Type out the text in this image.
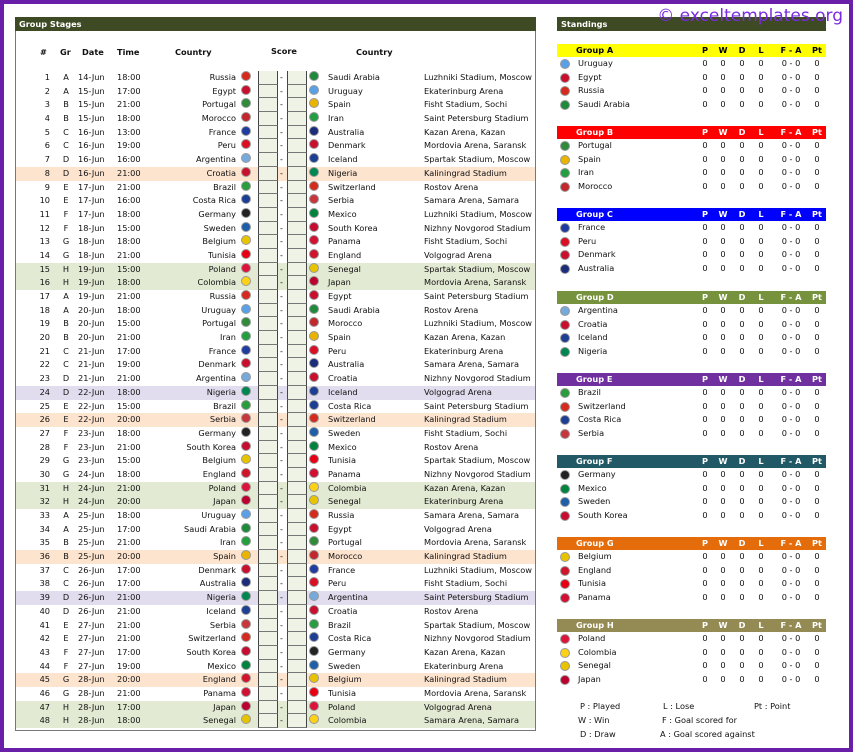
© exceltemplates.org
Group Stages
# Gr Date Time	Country	Score	Country
1	A	14-Jun	18:00	Russia	-	Saudi Arabia	Luzhniki Stadium, Moscow
2	A	15-Jun	17:00	Egypt	-	Uruguay	Ekaterinburg Arena
3	B	15-Jun	21:00	Portugal	-	Spain	Fisht Stadium, Sochi
4	B	15-Jun	18:00	Morocco	-	Iran	Saint Petersburg Stadium
5	C	16-Jun	13:00	France	-	Australia	Kazan Arena, Kazan
6	C	16-Jun	19:00	Peru	-	Denmark	Mordovia Arena, Saransk
7	D	16-Jun	16:00	Argentina	-	Iceland	Spartak Stadium, Moscow
8	D	16-Jun	21:00	Croatia	-	Nigeria	Kaliningrad Stadium
9	E	17-Jun	21:00	Brazil	-	Switzerland	Rostov Arena
10	E	17-Jun	16:00	Costa Rica	-	Serbia	Samara Arena, Samara
11	F	17-Jun	18:00	Germany	-	Mexico	Luzhniki Stadium, Moscow
12	F	18-Jun	15:00	Sweden	-	South Korea	Nizhny Novgorod Stadium
13	G	18-Jun	18:00	Belgium	-	Panama	Fisht Stadium, Sochi
14	G	18-Jun	21:00	Tunisia	-	England	Volgograd Arena
15	H	19-Jun	15:00	Poland	-	Senegal	Spartak Stadium, Moscow
16	H	19-Jun	18:00	Colombia	-	Japan	Mordovia Arena, Saransk
17	A	19-Jun	21:00	Russia	-	Egypt	Saint Petersburg Stadium
18	A	20-Jun	18:00	Uruguay	-	Saudi Arabia	Rostov Arena
19	B	20-Jun	15:00	Portugal	-	Morocco	Luzhniki Stadium, Moscow
20	B	20-Jun	21:00	Iran	-	Spain	Kazan Arena, Kazan
21	C	21-Jun	17:00	France	-	Peru	Ekaterinburg Arena
22	C	21-Jun	19:00	Denmark	-	Australia	Samara Arena, Samara
23	D	21-Jun	21:00	Argentina	-	Croatia	Nizhny Novgorod Stadium
24	D	22-Jun	18:00	Nigeria	-	Iceland	Volgograd Arena
25	E	22-Jun	15:00	Brazil	-	Costa Rica	Saint Petersburg Stadium
26	E	22-Jun	20:00	Serbia	-	Switzerland	Kaliningrad Stadium
27	F	23-Jun	18:00	Germany	-	Sweden	Fisht Stadium, Sochi
28	F	23-Jun	21:00	South Korea	-	Mexico	Rostov Arena
29	G	23-Jun	15:00	Belgium	-	Tunisia	Spartak Stadium, Moscow
30	G	24-Jun	18:00	England	-	Panama	Nizhny Novgorod Stadium
31	H	24-Jun	21:00	Poland	-	Colombia	Kazan Arena, Kazan
32	H	24-Jun	20:00	Japan	-	Senegal	Ekaterinburg Arena
33	A	25-Jun	18:00	Uruguay	-	Russia	Samara Arena, Samara
34	A	25-Jun	17:00	Saudi Arabia	-	Egypt	Volgograd Arena
35	B	25-Jun	21:00	Iran	-	Portugal	Mordovia Arena, Saransk
36	B	25-Jun	20:00	Spain	-	Morocco	Kaliningrad Stadium
37	C	26-Jun	17:00	Denmark	-	France	Luzhniki Stadium, Moscow
38	C	26-Jun	17:00	Australia	-	Peru	Fisht Stadium, Sochi
39	D	26-Jun	21:00	Nigeria	-	Argentina	Saint Petersburg Stadium
40	D	26-Jun	21:00	Iceland	-	Croatia	Rostov Arena
41	E	27-Jun	21:00	Serbia	-	Brazil	Spartak Stadium, Moscow
42	E	27-Jun	21:00	Switzerland	-	Costa Rica	Nizhny Novgorod Stadium
43	F	27-Jun	17:00	South Korea	-	Germany	Kazan Arena, Kazan
44	F	27-Jun	19:00	Mexico	-	Sweden	Ekaterinburg Arena
45	G	28-Jun	20:00	England	-	Belgium	Kaliningrad Stadium
46	G	28-Jun	21:00	Panama	-	Tunisia	Mordovia Arena, Saransk
47	H	28-Jun	17:00	Japan	-	Poland	Volgograd Arena
48	H	28-Jun	18:00	Senegal	-	Colombia	Samara Arena, Samara
Standings
Group A	P	W	D	L	F - A	Pt
Uruguay	0	0	0	0	0 - 0	0
Egypt	0	0	0	0	0 - 0	0
Russia	0	0	0	0	0 - 0	0
Saudi Arabia	0	0	0	0	0 - 0	0
Group B	P	W	D	L	F - A	Pt
Portugal	0	0	0	0	0 - 0	0
Spain	0	0	0	0	0 - 0	0
Iran	0	0	0	0	0 - 0	0
Morocco	0	0	0	0	0 - 0	0
Group C	P	W	D	L	F - A	Pt
France	0	0	0	0	0 - 0	0
Peru	0	0	0	0	0 - 0	0
Denmark	0	0	0	0	0 - 0	0
Australia	0	0	0	0	0 - 0	0
Group D	P	W	D	L	F - A	Pt
Argentina	0	0	0	0	0 - 0	0
Croatia	0	0	0	0	0 - 0	0
Iceland	0	0	0	0	0 - 0	0
Nigeria	0	0	0	0	0 - 0	0
Group E	P	W	D	L	F - A	Pt
Brazil	0	0	0	0	0 - 0	0
Switzerland	0	0	0	0	0 - 0	0
Costa Rica	0	0	0	0	0 - 0	0
Serbia	0	0	0	0	0 - 0	0
Group F	P	W	D	L	F - A	Pt
Germany	0	0	0	0	0 - 0	0
Mexico	0	0	0	0	0 - 0	0
Sweden	0	0	0	0	0 - 0	0
South Korea	0	0	0	0	0 - 0	0
Group G	P	W	D	L	F - A	Pt
Belgium	0	0	0	0	0 - 0	0
England	0	0	0	0	0 - 0	0
Tunisia	0	0	0	0	0 - 0	0
Panama	0	0	0	0	0 - 0	0
Group H	P	W	D	L	F - A	Pt
Poland	0	0	0	0	0 - 0	0
Colombia	0	0	0	0	0 - 0	0
Senegal	0	0	0	0	0 - 0	0
Japan	0	0	0	0	0 - 0	0
P : Played
W : Win
D : Draw
L : Lose
F : Goal scored for
A : Goal scored against
Pt : Point
